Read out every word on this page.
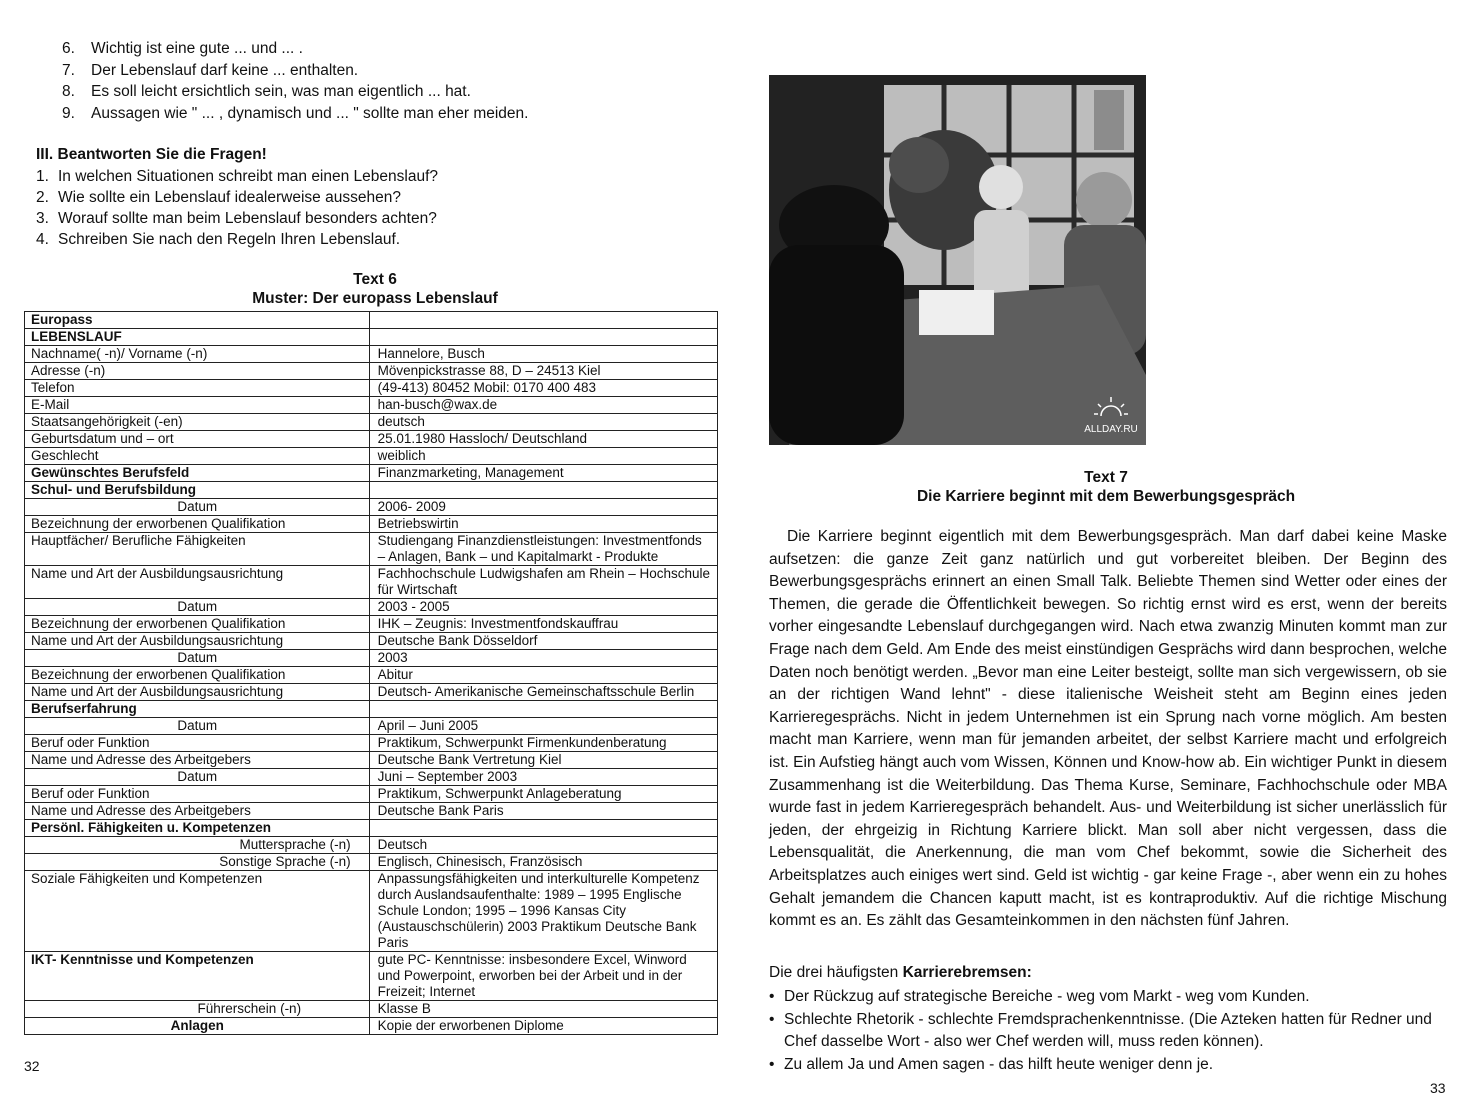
6.	Wichtig ist eine gute ... und ... .
7.	Der Lebenslauf darf keine ... enthalten.
8.	Es soll leicht ersichtlich sein, was man eigentlich ... hat.
9.	Aussagen wie " ... , dynamisch und ... " sollte man eher meiden.
III. Beantworten Sie die Fragen!
1. In welchen Situationen schreibt man einen Lebenslauf?
2. Wie sollte ein Lebenslauf idealerweise aussehen?
3. Worauf sollte man beim Lebenslauf besonders achten?
4. Schreiben Sie nach den Regeln Ihren Lebenslauf.
Text 6
Muster: Der europass Lebenslauf
Europass	
LEBENSLAUF	
Nachname( -n)/ Vorname (-n)	Hannelore, Busch
Adresse (-n)	Mövenpickstrasse 88, D – 24513 Kiel
Telefon	(49-413) 80452 Mobil: 0170 400 483
E-Mail	han-busch@wax.de
Staatsangehörigkeit (-en)	deutsch
Geburtsdatum und – ort	25.01.1980 Hassloch/ Deutschland
Geschlecht	weiblich
Gewünschtes Berufsfeld	Finanzmarketing, Management
Schul- und Berufsbildung	
Datum	2006- 2009
Bezeichnung der erworbenen Qualifikation	Betriebswirtin
Hauptfächer/ Berufliche Fähigkeiten	Studiengang Finanzdienstleistungen: Investmentfonds – Anlagen, Bank – und Kapitalmarkt - Produkte
Name und Art der Ausbildungsausrichtung	Fachhochschule Ludwigshafen am Rhein – Hochschule für Wirtschaft
Datum	2003 - 2005
Bezeichnung der erworbenen Qualifikation	IHK – Zeugnis: Investmentfondskauffrau
Name und Art der Ausbildungsausrichtung	Deutsche Bank Dösseldorf
Datum	2003
Bezeichnung der erworbenen Qualifikation	Abitur
Name und Art der Ausbildungsausrichtung	Deutsch- Amerikanische Gemeinschaftsschule Berlin
Berufserfahrung	
Datum	April – Juni 2005
Beruf oder Funktion	Praktikum, Schwerpunkt Firmenkundenberatung
Name und Adresse des Arbeitgebers	Deutsche Bank Vertretung Kiel
Datum	Juni – September 2003
Beruf oder Funktion	Praktikum, Schwerpunkt Anlageberatung
Name und Adresse des Arbeitgebers	Deutsche Bank Paris
Persönl. Fähigkeiten u. Kompetenzen	
Muttersprache (-n)	Deutsch
Sonstige Sprache (-n)	Englisch, Chinesisch, Französisch
Soziale Fähigkeiten und Kompetenzen	Anpassungsfähigkeiten und interkulturelle Kompetenz durch Auslandsaufenthalte: 1989 – 1995 Englische Schule London; 1995 – 1996 Kansas City (Austauschschülerin) 2003 Praktikum Deutsche Bank Paris
IKT- Kenntnisse und Kompetenzen	gute PC- Kenntnisse: insbesondere Excel, Winword und Powerpoint, erworben bei der Arbeit und in der Freizeit; Internet
Führerschein (-n)	Klasse B
Anlagen	Kopie der erworbenen Diplome
32
ALLDAY.RU
Text 7
Die Karriere beginnt mit dem Bewerbungsgespräch

Die Karriere beginnt eigentlich mit dem Bewerbungsgespräch. Man darf dabei keine Maske aufsetzen: die ganze Zeit ganz natürlich und gut vorbereitet bleiben. Der Beginn des Bewerbungsgesprächs erinnert an einen Small Talk. Beliebte Themen sind Wetter oder eines der Themen, die gerade die Öffentlichkeit bewegen. So richtig ernst wird es erst, wenn der bereits vorher eingesandte Lebenslauf durchgegangen wird. Nach etwa zwanzig Minuten kommt man zur Frage nach dem Geld. Am Ende des meist einstündigen Gesprächs wird dann besprochen, welche Daten noch benötigt werden. „Bevor man eine Leiter besteigt, sollte man sich vergewissern, ob sie an der richtigen Wand lehnt" - diese italienische Weisheit steht am Beginn eines jeden Karrieregesprächs. Nicht in jedem Unternehmen ist ein Sprung nach vorne möglich. Am besten macht man Karriere, wenn man für jemanden arbeitet, der selbst Karriere macht und erfolgreich ist. Ein Aufstieg hängt auch vom Wissen, Können und Know-how ab. Ein wichtiger Punkt in diesem Zusammenhang ist die Weiterbildung. Das Thema Kurse, Seminare, Fachhochschule oder MBA wurde fast in jedem Karrieregespräch behandelt. Aus- und Weiterbildung ist sicher unerlässlich für jeden, der ehrgeizig in Richtung Karriere blickt. Man soll aber nicht vergessen, dass die Lebensqualität, die Anerkennung, die man vom Chef bekommt, sowie die Sicherheit des Arbeitsplatzes auch einiges wert sind. Geld ist wichtig - gar keine Frage -, aber wenn ein zu hohes Gehalt jemandem die Chancen kaputt macht, ist es kontraproduktiv. Auf die richtige Mischung kommt es an. Es zählt das Gesamteinkommen in den nächsten fünf Jahren.

Die drei häufigsten Karrierebremsen:
• Der Rückzug auf strategische Bereiche - weg vom Markt - weg vom Kunden.
• Schlechte Rhetorik - schlechte Fremdsprachenkenntnisse. (Die Azteken hatten für Redner und Chef dasselbe Wort - also wer Chef werden will, muss reden können).
• Zu allem Ja und Amen sagen - das hilft heute weniger denn je.
33
